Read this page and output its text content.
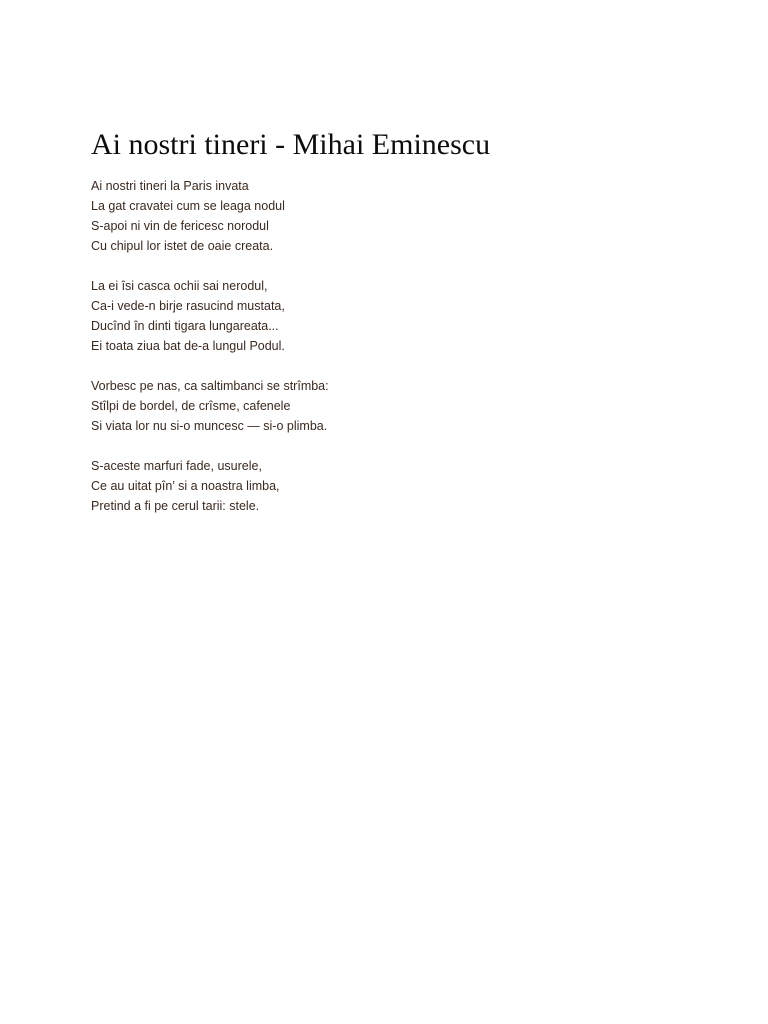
Ai nostri tineri - Mihai Eminescu
Ai nostri tineri la Paris invata
La gat cravatei cum se leaga nodul
S-apoi ni vin de fericesc norodul
Cu chipul lor istet de oaie creata.
La ei îsi casca ochii sai nerodul,
Ca-i vede-n birje rasucind mustata,
Ducînd în dinti tigara lungareata...
Ei toata ziua bat de-a lungul Podul.
Vorbesc pe nas, ca saltimbanci se strîmba:
Stîlpi de bordel, de crîsme, cafenele
Si viata lor nu si-o muncesc — si-o plimba.
S-aceste marfuri fade, usurele,
Ce au uitat pîn’ si a noastra limba,
Pretind a fi pe cerul tarii: stele.
